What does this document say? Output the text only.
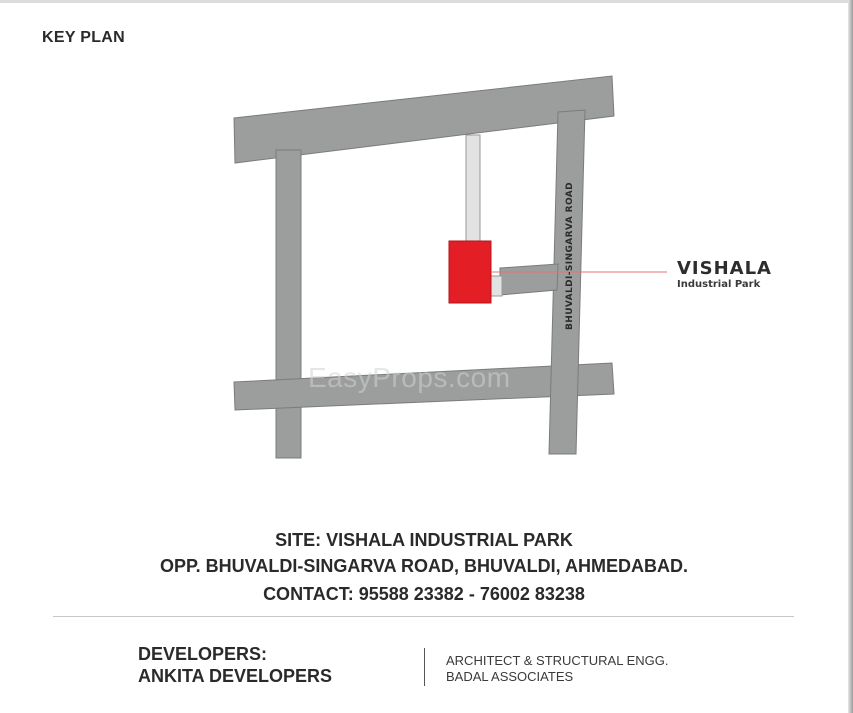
KEY PLAN
BHUVALDI-SINGARVA ROAD
EasyProps.com
VISHALA
Industrial Park
SITE: VISHALA INDUSTRIAL PARK
OPP. BHUVALDI-SINGARVA ROAD, BHUVALDI, AHMEDABAD.
CONTACT: 95588 23382 - 76002 83238
DEVELOPERS:
ANKITA DEVELOPERS
ARCHITECT & STRUCTURAL ENGG.
BADAL ASSOCIATES
